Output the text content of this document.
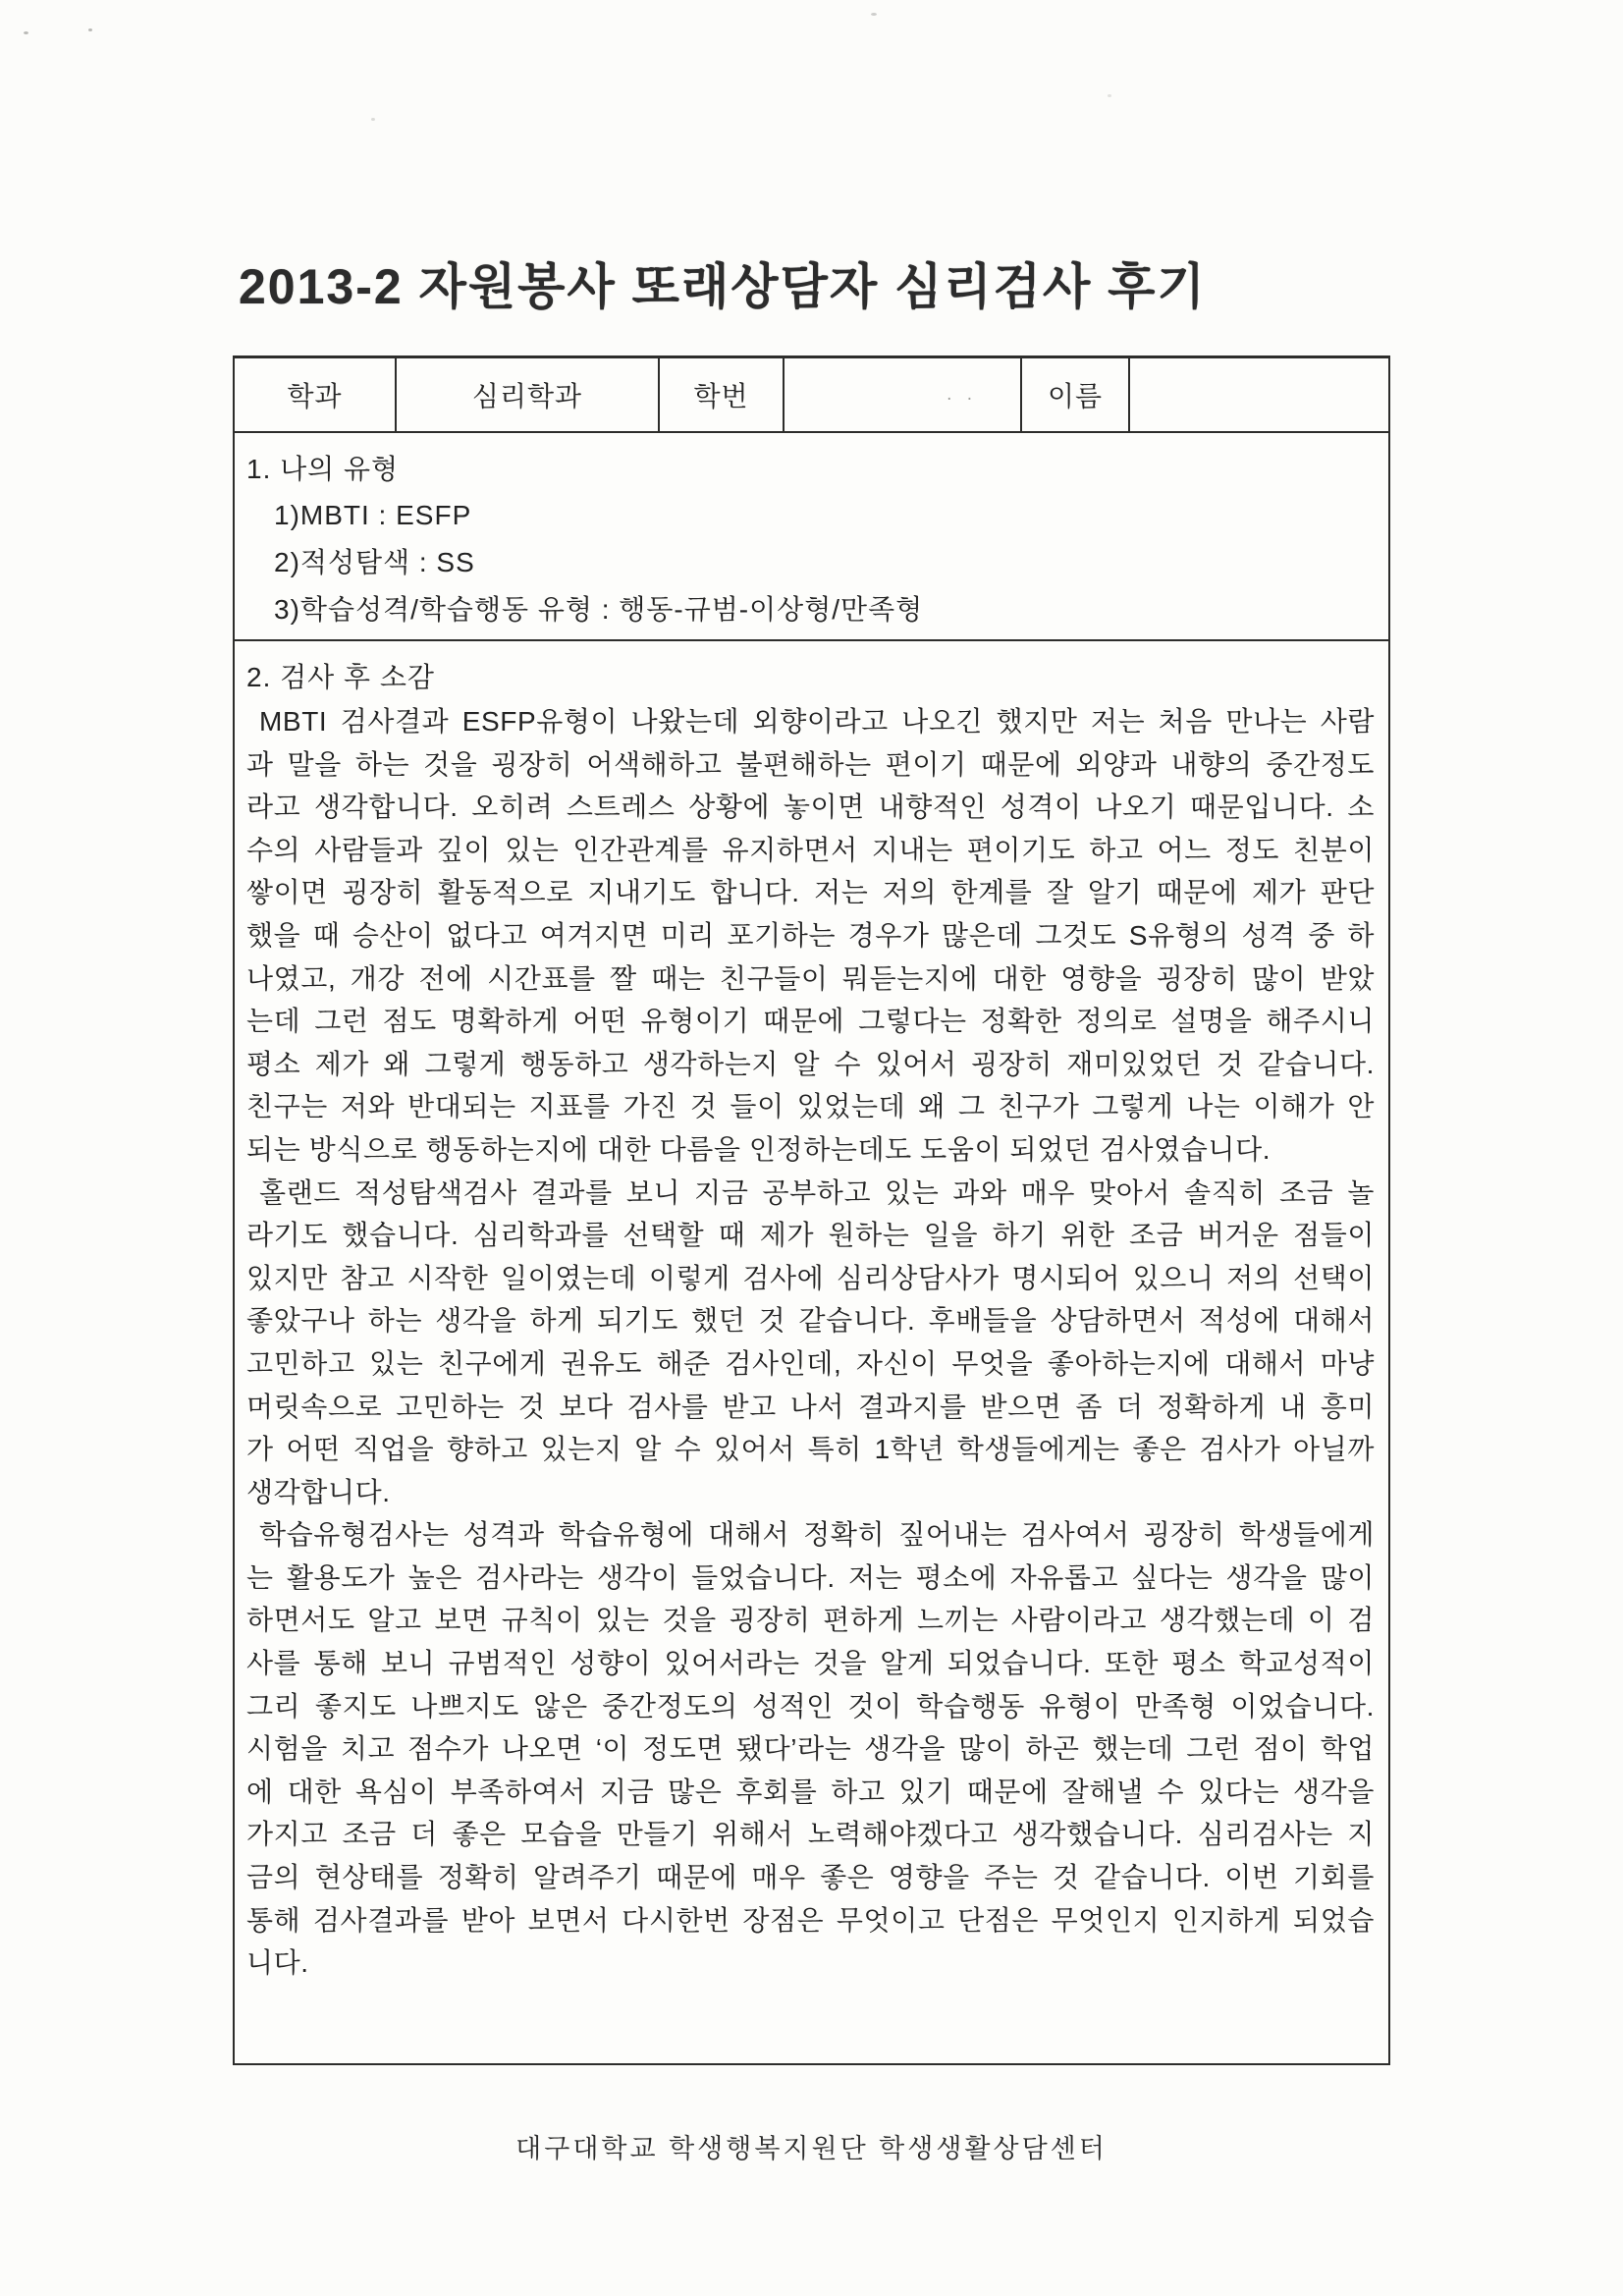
2013-2 자원봉사 또래상담자 심리검사 후기
학과	심리학과	학번	. .	이름
1. 나의 유형
1)MBTI : ESFP
2)적성탐색 : SS
3)학습성격/학습행동 유형 : 행동-규범-이상형/만족형
2. 검사 후 소감
MBTI 검사결과 ESFP유형이 나왔는데 외향이라고 나오긴 했지만 저는 처음 만나는 사람
과 말을 하는 것을 굉장히 어색해하고 불편해하는 편이기 때문에 외양과 내향의 중간정도
라고 생각합니다. 오히려 스트레스 상황에 놓이면 내향적인 성격이 나오기 때문입니다. 소
수의 사람들과 깊이 있는 인간관계를 유지하면서 지내는 편이기도 하고 어느 정도 친분이
쌓이면 굉장히 활동적으로 지내기도 합니다. 저는 저의 한계를 잘 알기 때문에 제가 판단
했을 때 승산이 없다고 여겨지면 미리 포기하는 경우가 많은데 그것도 S유형의 성격 중 하
나였고, 개강 전에 시간표를 짤 때는 친구들이 뭐듣는지에 대한 영향을 굉장히 많이 받았
는데 그런 점도 명확하게 어떤 유형이기 때문에 그렇다는 정확한 정의로 설명을 해주시니
평소 제가 왜 그렇게 행동하고 생각하는지 알 수 있어서 굉장히 재미있었던 것 같습니다.
친구는 저와 반대되는 지표를 가진 것 들이 있었는데 왜 그 친구가 그렇게 나는 이해가 안
되는 방식으로 행동하는지에 대한 다름을 인정하는데도 도움이 되었던 검사였습니다.
홀랜드 적성탐색검사 결과를 보니 지금 공부하고 있는 과와 매우 맞아서 솔직히 조금 놀
라기도 했습니다. 심리학과를 선택할 때 제가 원하는 일을 하기 위한 조금 버거운 점들이
있지만 참고 시작한 일이였는데 이렇게 검사에 심리상담사가 명시되어 있으니 저의 선택이
좋았구나 하는 생각을 하게 되기도 했던 것 같습니다. 후배들을 상담하면서 적성에 대해서
고민하고 있는 친구에게 권유도 해준 검사인데, 자신이 무엇을 좋아하는지에 대해서 마냥
머릿속으로 고민하는 것 보다 검사를 받고 나서 결과지를 받으면 좀 더 정확하게 내 흥미
가 어떤 직업을 향하고 있는지 알 수 있어서 특히 1학년 학생들에게는 좋은 검사가 아닐까
생각합니다.
학습유형검사는 성격과 학습유형에 대해서 정확히 짚어내는 검사여서 굉장히 학생들에게
는 활용도가 높은 검사라는 생각이 들었습니다. 저는 평소에 자유롭고 싶다는 생각을 많이
하면서도 알고 보면 규칙이 있는 것을 굉장히 편하게 느끼는 사람이라고 생각했는데 이 검
사를 통해 보니 규범적인 성향이 있어서라는 것을 알게 되었습니다. 또한 평소 학교성적이
그리 좋지도 나쁘지도 않은 중간정도의 성적인 것이 학습행동 유형이 만족형 이었습니다.
시험을 치고 점수가 나오면 ‘이 정도면 됐다’라는 생각을 많이 하곤 했는데 그런 점이 학업
에 대한 욕심이 부족하여서 지금 많은 후회를 하고 있기 때문에 잘해낼 수 있다는 생각을
가지고 조금 더 좋은 모습을 만들기 위해서 노력해야겠다고 생각했습니다. 심리검사는 지
금의 현상태를 정확히 알려주기 때문에 매우 좋은 영향을 주는 것 같습니다. 이번 기회를
통해 검사결과를 받아 보면서 다시한번 장점은 무엇이고 단점은 무엇인지 인지하게 되었습
니다.
대구대학교 학생행복지원단 학생생활상담센터
